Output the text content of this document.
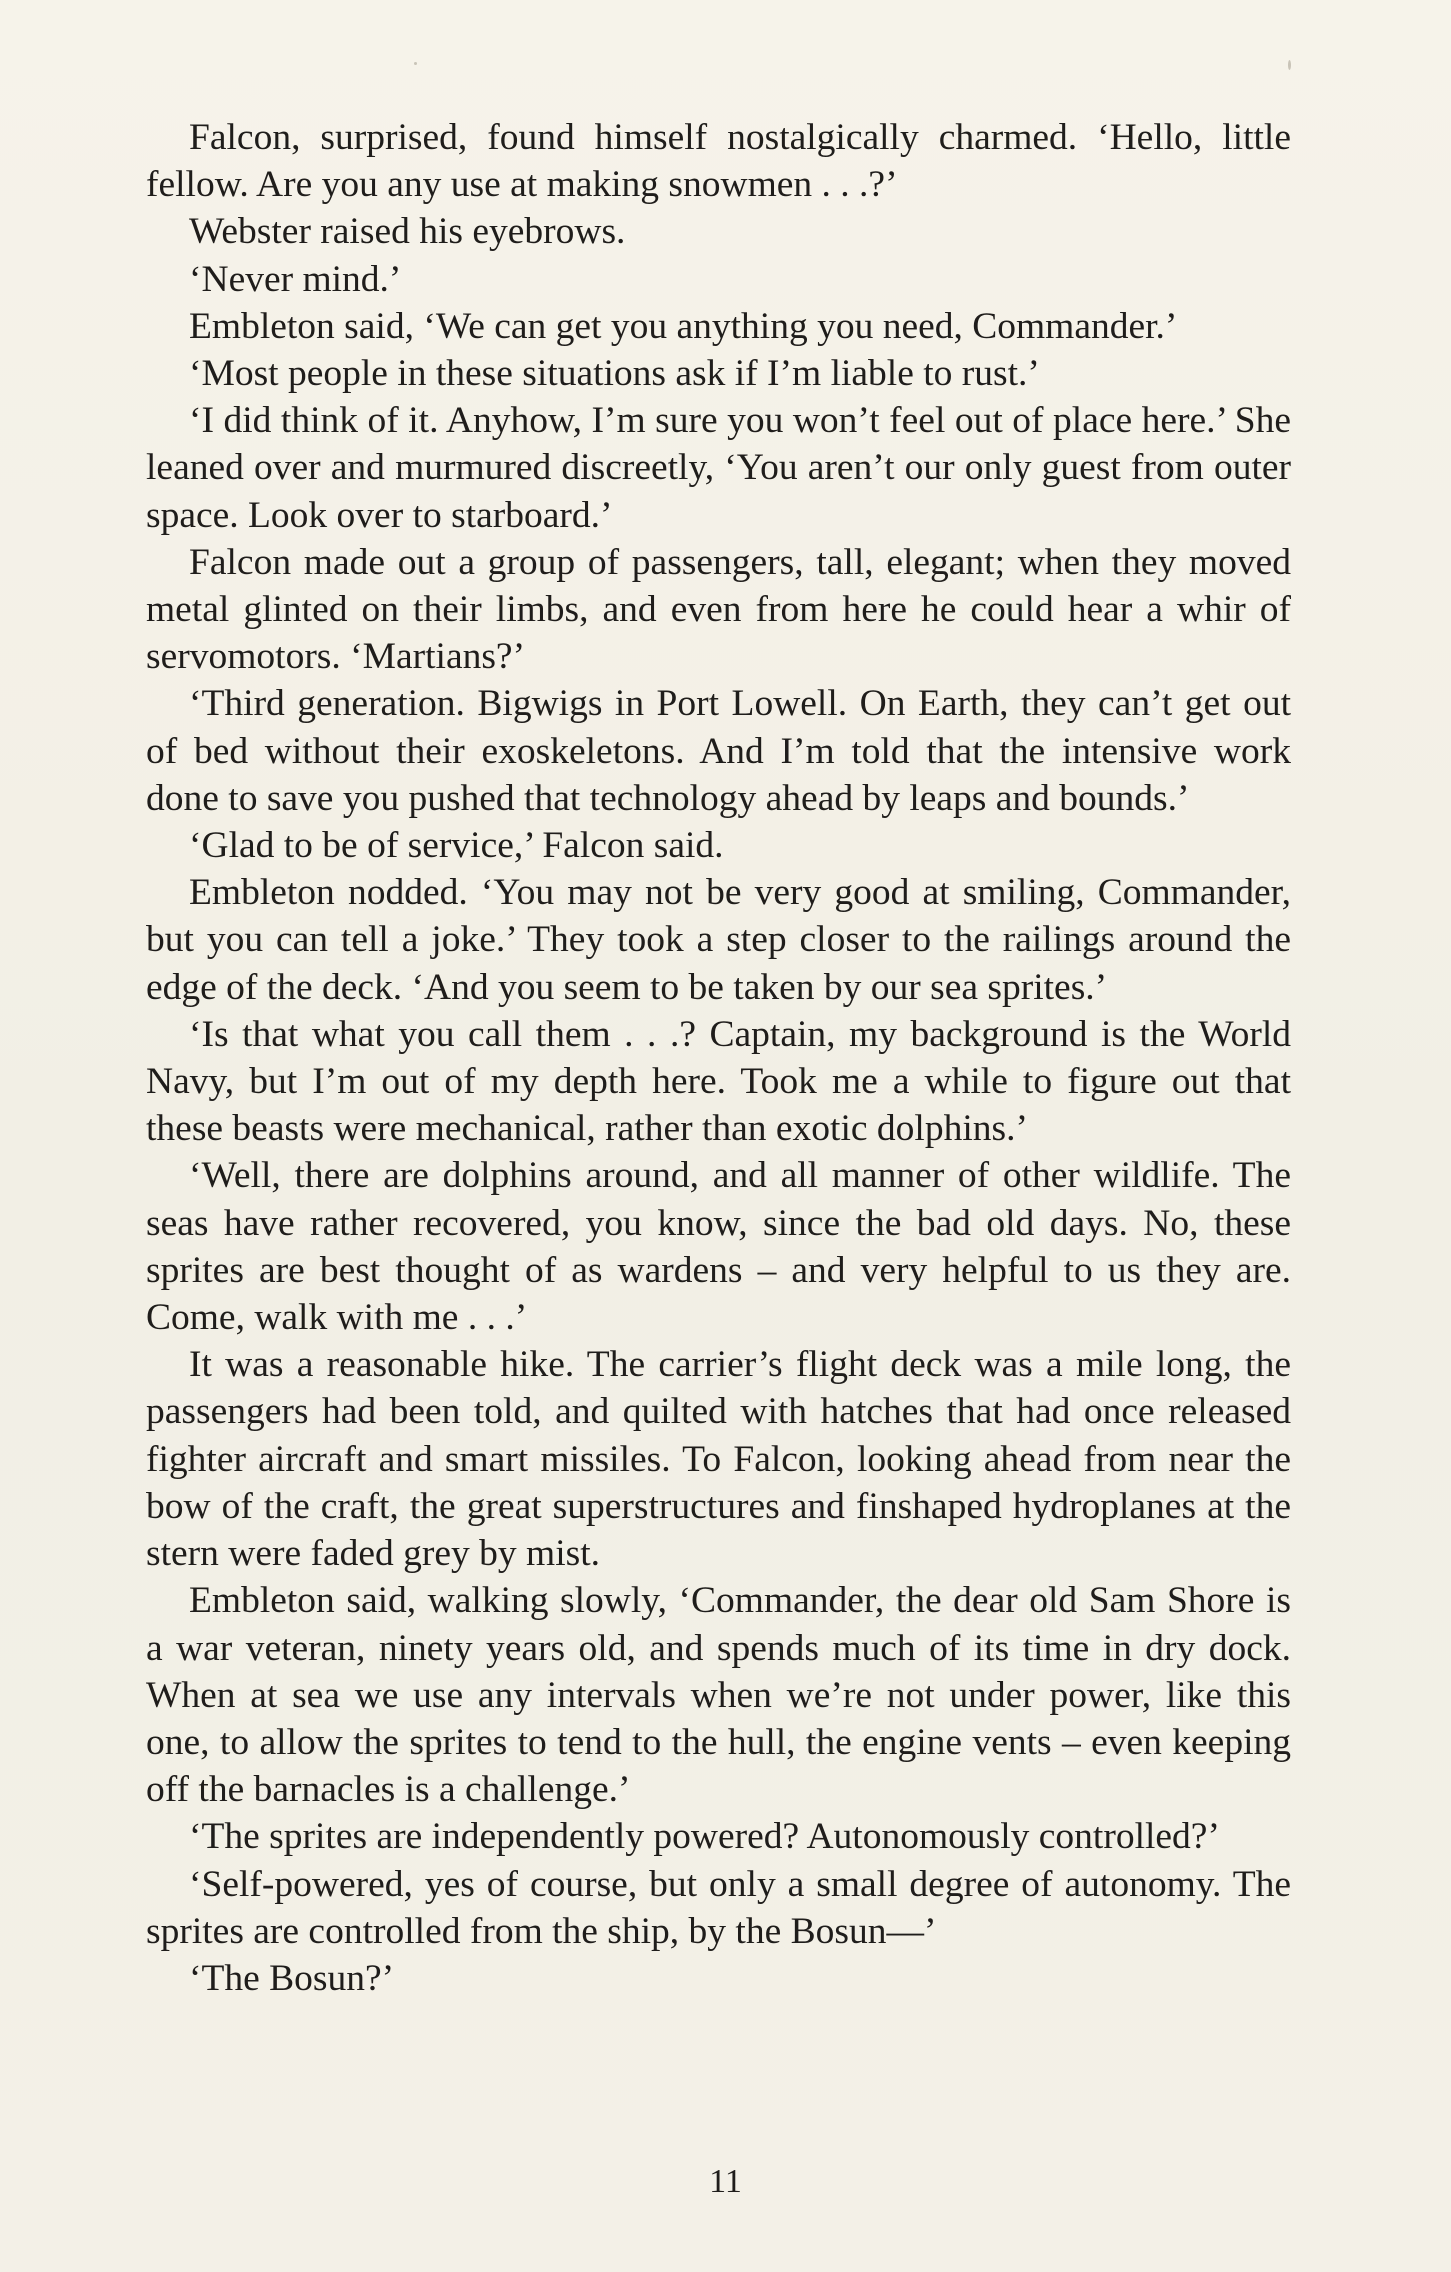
Falcon, surprised, found himself nostalgically charmed. ‘Hello, little fellow. Are you any use at making snowmen . . .?’

Webster raised his eyebrows.

‘Never mind.’

Embleton said, ‘We can get you anything you need, Commander.’

‘Most people in these situations ask if I’m liable to rust.’

‘I did think of it. Anyhow, I’m sure you won’t feel out of place here.’ She leaned over and murmured discreetly, ‘You aren’t our only guest from outer space. Look over to starboard.’

Falcon made out a group of passengers, tall, elegant; when they moved metal glinted on their limbs, and even from here he could hear a whir of servomotors. ‘Martians?’

‘Third generation. Bigwigs in Port Lowell. On Earth, they can’t get out of bed without their exoskeletons. And I’m told that the intensive work done to save you pushed that technology ahead by leaps and bounds.’

‘Glad to be of service,’ Falcon said.

Embleton nodded. ‘You may not be very good at smiling, Commander, but you can tell a joke.’ They took a step closer to the railings around the edge of the deck. ‘And you seem to be taken by our sea sprites.’

‘Is that what you call them . . .? Captain, my background is the World Navy, but I’m out of my depth here. Took me a while to figure out that these beasts were mechanical, rather than exotic dolphins.’

‘Well, there are dolphins around, and all manner of other wildlife. The seas have rather recovered, you know, since the bad old days. No, these sprites are best thought of as wardens – and very helpful to us they are. Come, walk with me . . .’

It was a reasonable hike. The carrier’s flight deck was a mile long, the passengers had been told, and quilted with hatches that had once released fighter aircraft and smart missiles. To Falcon, looking ahead from near the bow of the craft, the great superstructures and finshaped hydroplanes at the stern were faded grey by mist.

Embleton said, walking slowly, ‘Commander, the dear old Sam Shore is a war veteran, ninety years old, and spends much of its time in dry dock. When at sea we use any intervals when we’re not under power, like this one, to allow the sprites to tend to the hull, the engine vents – even keeping off the barnacles is a challenge.’

‘The sprites are independently powered? Autonomously controlled?’

‘Self-powered, yes of course, but only a small degree of autonomy. The sprites are controlled from the ship, by the Bosun—’

‘The Bosun?’

11
